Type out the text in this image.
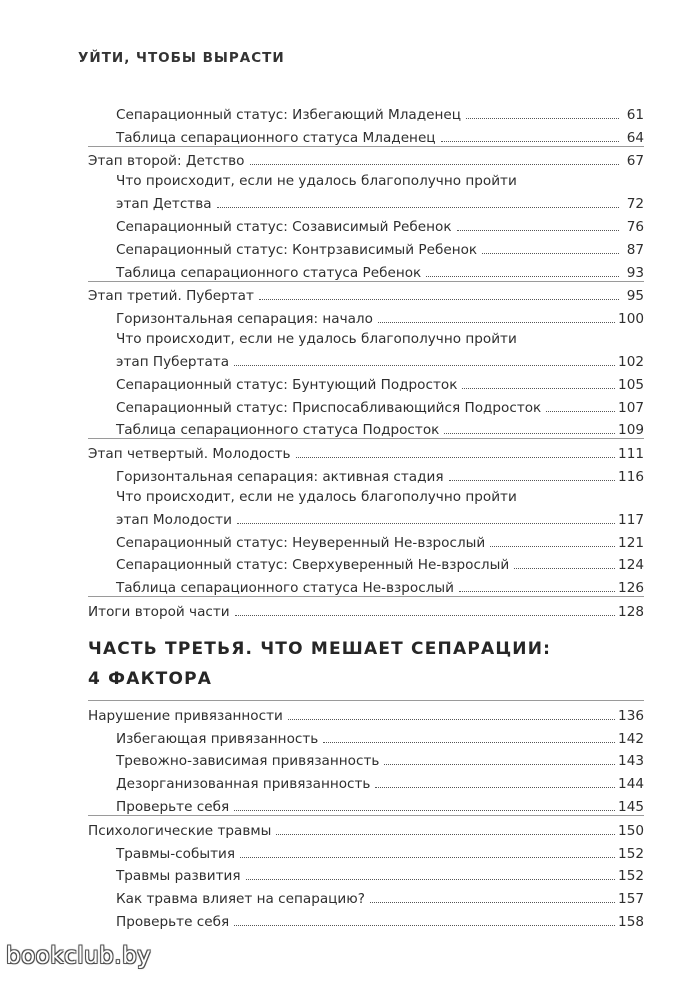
УЙТИ, ЧТОБЫ ВЫРАСТИ
Сепарационный статус: Избегающий Младенец	61
Таблица сепарационного статуса Младенец	64
Этап второй: Детство	67
Что происходит, если не удалось благополучно пройти
этап Детства	72
Сепарационный статус: Созависимый Ребенок	76
Сепарационный статус: Контрзависимый Ребенок	87
Таблица сепарационного статуса Ребенок	93
Этап третий. Пубертат	95
Горизонтальная сепарация: начало	100
Что происходит, если не удалось благополучно пройти
этап Пубертата	102
Сепарационный статус: Бунтующий Подросток	105
Сепарационный статус: Приспосабливающийся Подросток	107
Таблица сепарационного статуса Подросток	109
Этап четвертый. Молодость	111
Горизонтальная сепарация: активная стадия	116
Что происходит, если не удалось благополучно пройти
этап Молодости	117
Сепарационный статус: Неуверенный Не-взрослый	121
Сепарационный статус: Сверхуверенный Не-взрослый	124
Таблица сепарационного статуса Не-взрослый	126
Итоги второй части	128
ЧАСТЬ ТРЕТЬЯ. ЧТО МЕШАЕТ СЕПАРАЦИИ:
4 ФАКТОРА
Нарушение привязанности	136
Избегающая привязанность	142
Тревожно-зависимая привязанность	143
Дезорганизованная привязанность	144
Проверьте себя	145
Психологические травмы	150
Травмы-события	152
Травмы развития	152
Как травма влияет на сепарацию?	157
Проверьте себя	158
bookclub.by
